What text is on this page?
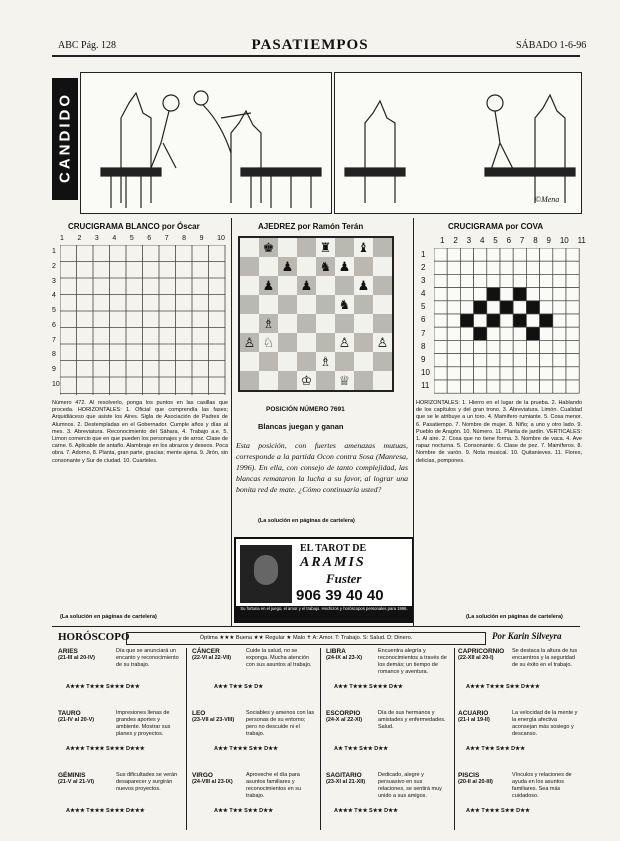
ABC Pág. 128	PASATIEMPOS	SÁBADO 1-6-96
CANDIDO
©Mena
CRUCIGRAMA BLANCO por Óscar
1 2 3 4 5 6 7 8 9 10
1
2
3
4
5
6
7
8
9
10
Número 472. Al resolverlo, ponga los puntos en las casillas que proceda. HORIZONTALES: 1. Oficial que comprendía las fases; Arquidiáceso que asiste los Aires. Sigla de Asociación de Padres de Alumnos. 2. Destempladas en el Gobernador. Cumple años y días al mes. 3. Abreviatura. Reconocimiento del Sáhara, 4. Trabajo a.e. 5. Limon comercio que en que pueden los personajes y de arroz. Clase de carne. 6. Aplicable de antaño. Alambraje en los abrazos y deseos. Poca obra. 7. Adorno, 8. Planta, gran parte, gracias; mente ajena. 9. Jirón, sin consonante y Sur de ciudad. 10. Cuarteles.
(La solución en páginas de cartelera)
AJEDREZ por Ramón Terán
	♚			♜		♝	
		♟		♞	♟		
	♟		♟			♟	
					♞		
	♗						
♙	♘				♙		♙
				♗			
			♔		♕		
POSICIÓN NÚMERO 7691
Blancas juegan y ganan
Esta posición, con fuertes amenazas mutuas, corresponde a la partida Ocon contra Sosa (Manresa, 1996). En ella, con consejo de tanto complejidad, las blancas remataron la lucha a su favor, al lograr una bonita red de mate. ¿Cómo continuaría usted?
(La solución en páginas de cartelera)
EL TAROT DE
ARAMIS
Fuster
906 39 40 40
Su fortuna en el juego, el amor y el trabajo. Hechizos y horóscopos personales para 1996.
CRUCIGRAMA por COVA
1 2 3 4 5 6 7 8 9 10 11
1
2
3
4
5
6
7
8
9
10
11
HORIZONTALES: 1. Hierro en el lugar de la prueba. 2. Hablando de los capítulos y del gran trono. 3. Abreviatura. Limón. Cualidad que se le atribuye a un toro. 4. Mamífero rumiante. 5. Cosa menor. 6. Pasatiempo. 7. Nombre de mujer. 8. Niño; a uno y otro lado. 9. Pueblo de Aragón. 10. Número. 11. Planta de jardín. VERTICALES: 1. Al aire. 2. Cosa que no tiene forma. 3. Nombre de vaca. 4. Ave rapaz nocturna. 5. Consonante. 6. Clase de pez. 7. Mamíferos. 8. Nombre de varón. 9. Nota musical. 10. Quitanieves. 11. Flores, delicias, pompones.
(La solución en páginas de cartelera)
HORÓSCOPO	Óptima ★★★ Buena ★★ Regular ★ Malo ✝ A: Amor. T: Trabajo. S: Salud. D: Dinero.	Por Karin Silveyra
ARIES
(21-III al 20-IV)
Día que se anunciará un encanto y reconocimiento de su trabajo.
A★★★ T★★★ S★★★ D★★
TAURO
(21-IV al 20-V)
Impresiones llenas de grandes aportes y ambiente. Mostrar sus planes y proyectos.
A★★★ T★★★ S★★★ D★★★
GÉMINIS
(21-V al 21-VI)
Sus dificultades se verán desaparecer y surgirán nuevos proyectos.
A★★★ T★★★ S★★★ D★★★
CÁNCER
(22-VI al 22-VII)
Cuide la salud, no se exponga. Mucha atención con sus asuntos al trabajo.
A★★ T★★ S★ D★
LEO
(23-VII al 23-VIII)
Sociables y amenos con las personas de su entorno; pero no descuide ni el trabajo.
A★★ T★★★ S★★ D★★
VIRGO
(24-VIII al 23-IX)
Aproveche el día para asuntos familiares y reconocimientos en su trabajo.
A★★ T★★ S★★ D★★
LIBRA
(24-IX al 23-X)
Encuentra alegría y reconocimientos a través de los demás; un tiempo de romance y aventura.
A★★ T★★★ S★★★ D★★
ESCORPIO
(24-X al 22-XI)
Día de sus hermanos y amistades y enfermedades. Salud.
A★ T★★ S★★ D★★
SAGITARIO
(23-XI al 21-XII)
Dedicado, alegre y persuasivo en sus relaciones, se sentirá muy unido a sus amigos.
A★★★ T★★ S★★ D★★
CAPRICORNIO
(22-XII al 20-I)
Se destaca la altura de tus encuentros y la seguridad de su éxito en el trabajo.
A★★★ T★★★ S★★ D★★★
ACUARIO
(21-I al 19-II)
La velocidad de la mente y la energía afectiva aconsejan más sosiego y descanso.
A★★ T★★ S★★ D★★
PISCIS
(20-II al 20-III)
Vínculos y relaciones de ayuda en los asuntos familiares. Sea más cuidadoso.
A★★ T★★★ S★★ D★★
